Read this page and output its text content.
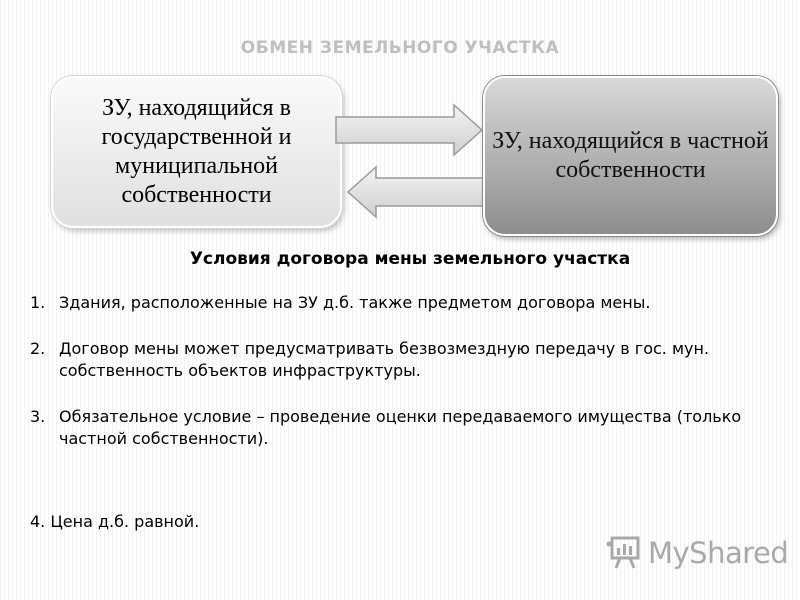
ОБМЕН ЗЕМЕЛЬНОГО УЧАСТКА
ЗУ, находящийся в государственной и муниципальной собственности
ЗУ, находящийся в частной собственности
Условия договора мены земельного участка
1. Здания, расположенные на ЗУ д.б. также предметом договора мены.
2. Договор мены может предусматривать безвозмездную передачу в гос. мун. собственность объектов инфраструктуры.
3. Обязательное условие – проведение оценки передаваемого имущества (только частной собственности).
4. Цена д.б. равной.
MyShared
